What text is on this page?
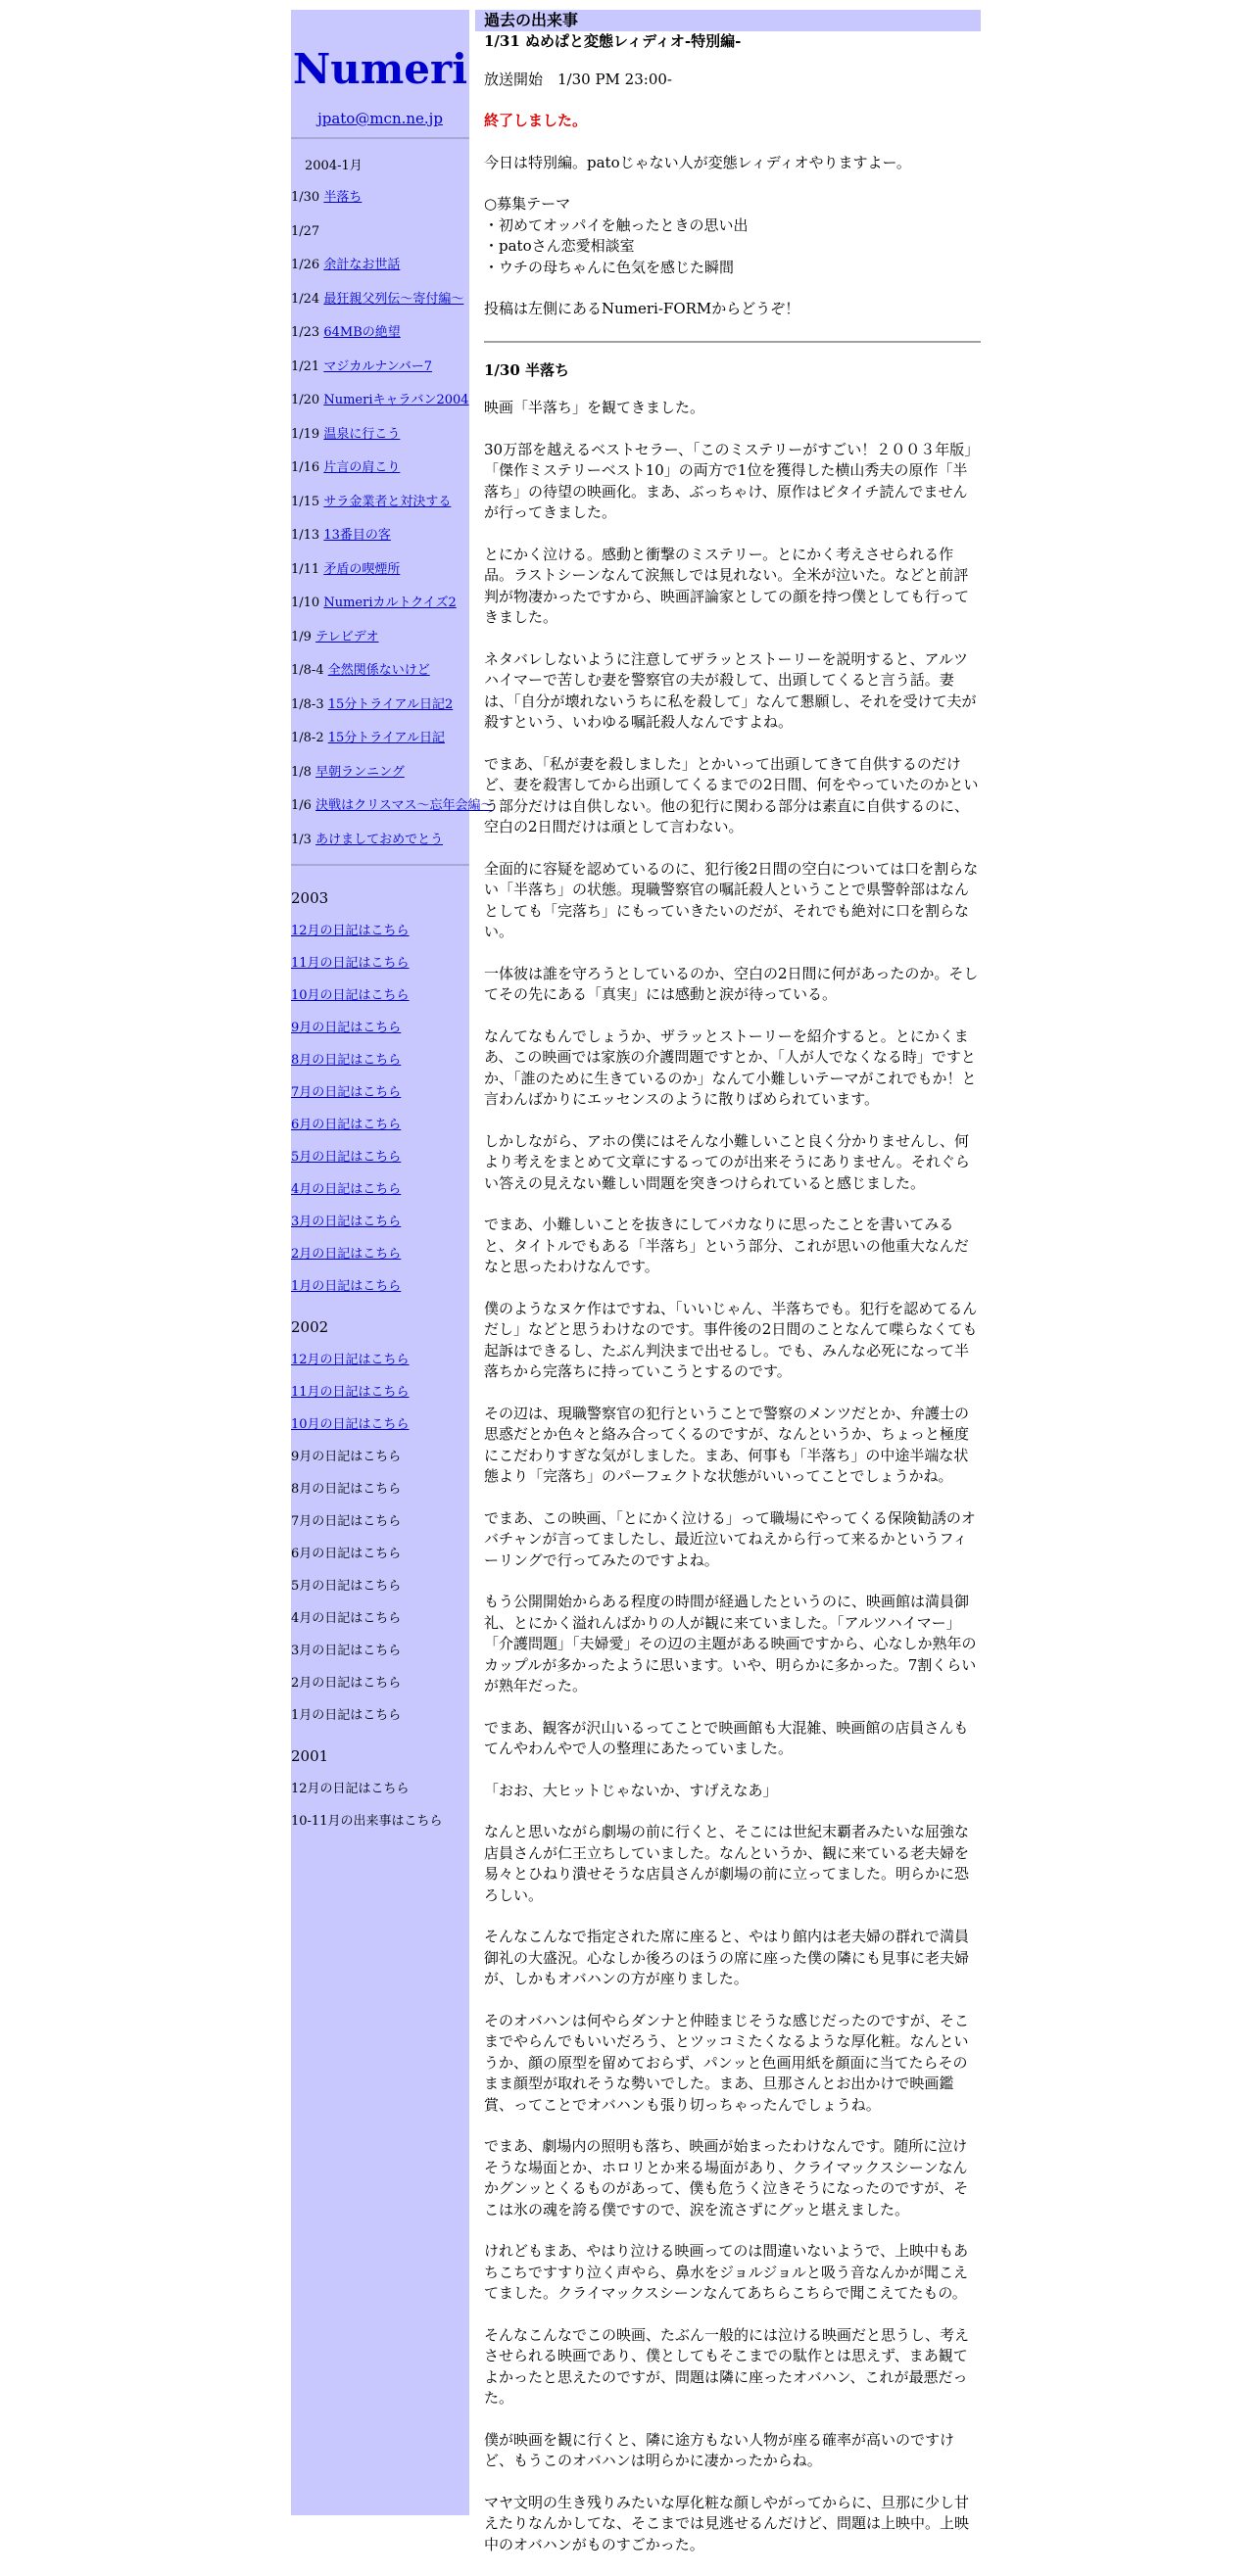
Numeri
jpato@mcn.ne.jp
2004-1月
1/30 半落ち
1/27
1/26 余計なお世話
1/24 最狂親父列伝～寄付編～
1/23 64MBの絶望
1/21 マジカルナンバー7
1/20 Numeriキャラバン2004
1/19 温泉に行こう
1/16 片言の肩こり
1/15 サラ金業者と対決する
1/13 13番目の客
1/11 矛盾の喫煙所
1/10 Numeriカルトクイズ2
1/9 テレビデオ
1/8-4 全然関係ないけど
1/8-3 15分トライアル日記2
1/8-2 15分トライアル日記
1/8 早朝ランニング
1/6 決戦はクリスマス～忘年会編～
1/3 あけましておめでとう
2003
12月の日記はこちら
11月の日記はこちら
10月の日記はこちら
9月の日記はこちら
8月の日記はこちら
7月の日記はこちら
6月の日記はこちら
5月の日記はこちら
4月の日記はこちら
3月の日記はこちら
2月の日記はこちら
1月の日記はこちら
2002
12月の日記はこちら
11月の日記はこちら
10月の日記はこちら
9月の日記はこちら
8月の日記はこちら
7月の日記はこちら
6月の日記はこちら
5月の日記はこちら
4月の日記はこちら
3月の日記はこちら
2月の日記はこちら
1月の日記はこちら
2001
12月の日記はこちら
10-11月の出来事はこちら
過去の出来事
1/31 ぬめぱと変態レィディオ-特別編-

放送開始　1/30 PM 23:00-

終了しました。

今日は特別編。patoじゃない人が変態レィディオやりますよー。

○募集テーマ
・初めてオッパイを触ったときの思い出
・patoさん恋愛相談室
・ウチの母ちゃんに色気を感じた瞬間

投稿は左側にあるNumeri-FORMからどうぞ！

1/30 半落ち

映画「半落ち」を観てきました。

30万部を越えるベストセラー、「このミステリーがすごい！２００３年版」「傑作ミステリーベスト10」の両方で1位を獲得した横山秀夫の原作「半落ち」の待望の映画化。まあ、ぶっちゃけ、原作はビタイチ読んでませんが行ってきました。

とにかく泣ける。感動と衝撃のミステリー。とにかく考えさせられる作品。ラストシーンなんて涙無しでは見れない。全米が泣いた。などと前評判が物凄かったですから、映画評論家としての顔を持つ僕としても行ってきました。

ネタバレしないように注意してザラッとストーリーを説明すると、アルツハイマーで苦しむ妻を警察官の夫が殺して、出頭してくると言う話。妻は、「自分が壊れないうちに私を殺して」なんて懇願し、それを受けて夫が殺すという、いわゆる嘱託殺人なんですよね。

でまあ、「私が妻を殺しました」とかいって出頭してきて自供するのだけど、妻を殺害してから出頭してくるまでの2日間、何をやっていたのかという部分だけは自供しない。他の犯行に関わる部分は素直に自供するのに、空白の2日間だけは頑として言わない。

全面的に容疑を認めているのに、犯行後2日間の空白については口を割らない「半落ち」の状態。現職警察官の嘱託殺人ということで県警幹部はなんとしても「完落ち」にもっていきたいのだが、それでも絶対に口を割らない。

一体彼は誰を守ろうとしているのか、空白の2日間に何があったのか。そしてその先にある「真実」には感動と涙が待っている。

なんてなもんでしょうか、ザラッとストーリーを紹介すると。とにかくまあ、この映画では家族の介護問題ですとか、「人が人でなくなる時」ですとか、「誰のために生きているのか」なんて小難しいテーマがこれでもか！と言わんばかりにエッセンスのように散りばめられています。

しかしながら、アホの僕にはそんな小難しいこと良く分かりませんし、何より考えをまとめて文章にするってのが出来そうにありません。それぐらい答えの見えない難しい問題を突きつけられていると感じました。

でまあ、小難しいことを抜きにしてバカなりに思ったことを書いてみると、タイトルでもある「半落ち」という部分、これが思いの他重大なんだなと思ったわけなんです。

僕のようなヌケ作はですね、「いいじゃん、半落ちでも。犯行を認めてるんだし」などと思うわけなのです。事件後の2日間のことなんて喋らなくても起訴はできるし、たぶん判決まで出せるし。でも、みんな必死になって半落ちから完落ちに持っていこうとするのです。

その辺は、現職警察官の犯行ということで警察のメンツだとか、弁護士の思惑だとか色々と絡み合ってくるのですが、なんというか、ちょっと極度にこだわりすぎな気がしました。まあ、何事も「半落ち」の中途半端な状態より「完落ち」のパーフェクトな状態がいいってことでしょうかね。

でまあ、この映画、「とにかく泣ける」って職場にやってくる保険勧誘のオバチャンが言ってましたし、最近泣いてねえから行って来るかというフィーリングで行ってみたのですよね。

もう公開開始からある程度の時間が経過したというのに、映画館は満員御礼、とにかく溢れんばかりの人が観に来ていました。「アルツハイマー」「介護問題」「夫婦愛」その辺の主題がある映画ですから、心なしか熟年のカップルが多かったように思います。いや、明らかに多かった。7割くらいが熟年だった。

でまあ、観客が沢山いるってことで映画館も大混雑、映画館の店員さんもてんやわんやで人の整理にあたっていました。

「おお、大ヒットじゃないか、すげえなあ」

なんと思いながら劇場の前に行くと、そこには世紀末覇者みたいな屈強な店員さんが仁王立ちしていました。なんというか、観に来ている老夫婦を易々とひねり潰せそうな店員さんが劇場の前に立ってました。明らかに恐ろしい。

そんなこんなで指定された席に座ると、やはり館内は老夫婦の群れで満員御礼の大盛況。心なしか後ろのほうの席に座った僕の隣にも見事に老夫婦が、しかもオバハンの方が座りました。

そのオバハンは何やらダンナと仲睦まじそうな感じだったのですが、そこまでやらんでもいいだろう、とツッコミたくなるような厚化粧。なんというか、顔の原型を留めておらず、パンッと色画用紙を顔面に当てたらそのまま顔型が取れそうな勢いでした。まあ、旦那さんとお出かけで映画鑑賞、ってことでオバハンも張り切っちゃったんでしょうね。

でまあ、劇場内の照明も落ち、映画が始まったわけなんです。随所に泣けそうな場面とか、ホロリとか来る場面があり、クライマックスシーンなんかグンッとくるものがあって、僕も危うく泣きそうになったのですが、そこは氷の魂を誇る僕ですので、涙を流さずにグッと堪えました。

けれどもまあ、やはり泣ける映画ってのは間違いないようで、上映中もあちこちですすり泣く声やら、鼻水をジョルジョルと吸う音なんかが聞こえてました。クライマックスシーンなんてあちらこちらで聞こえてたもの。

そんなこんなでこの映画、たぶん一般的には泣ける映画だと思うし、考えさせられる映画であり、僕としてもそこまでの駄作とは思えず、まあ観てよかったと思えたのですが、問題は隣に座ったオバハン、これが最悪だった。

僕が映画を観に行くと、隣に途方もない人物が座る確率が高いのですけど、もうこのオバハンは明らかに凄かったからね。

マヤ文明の生き残りみたいな厚化粧な顔しやがってからに、旦那に少し甘えたりなんかしてな、そこまでは見逃せるんだけど、問題は上映中。上映中のオバハンがものすごかった。
